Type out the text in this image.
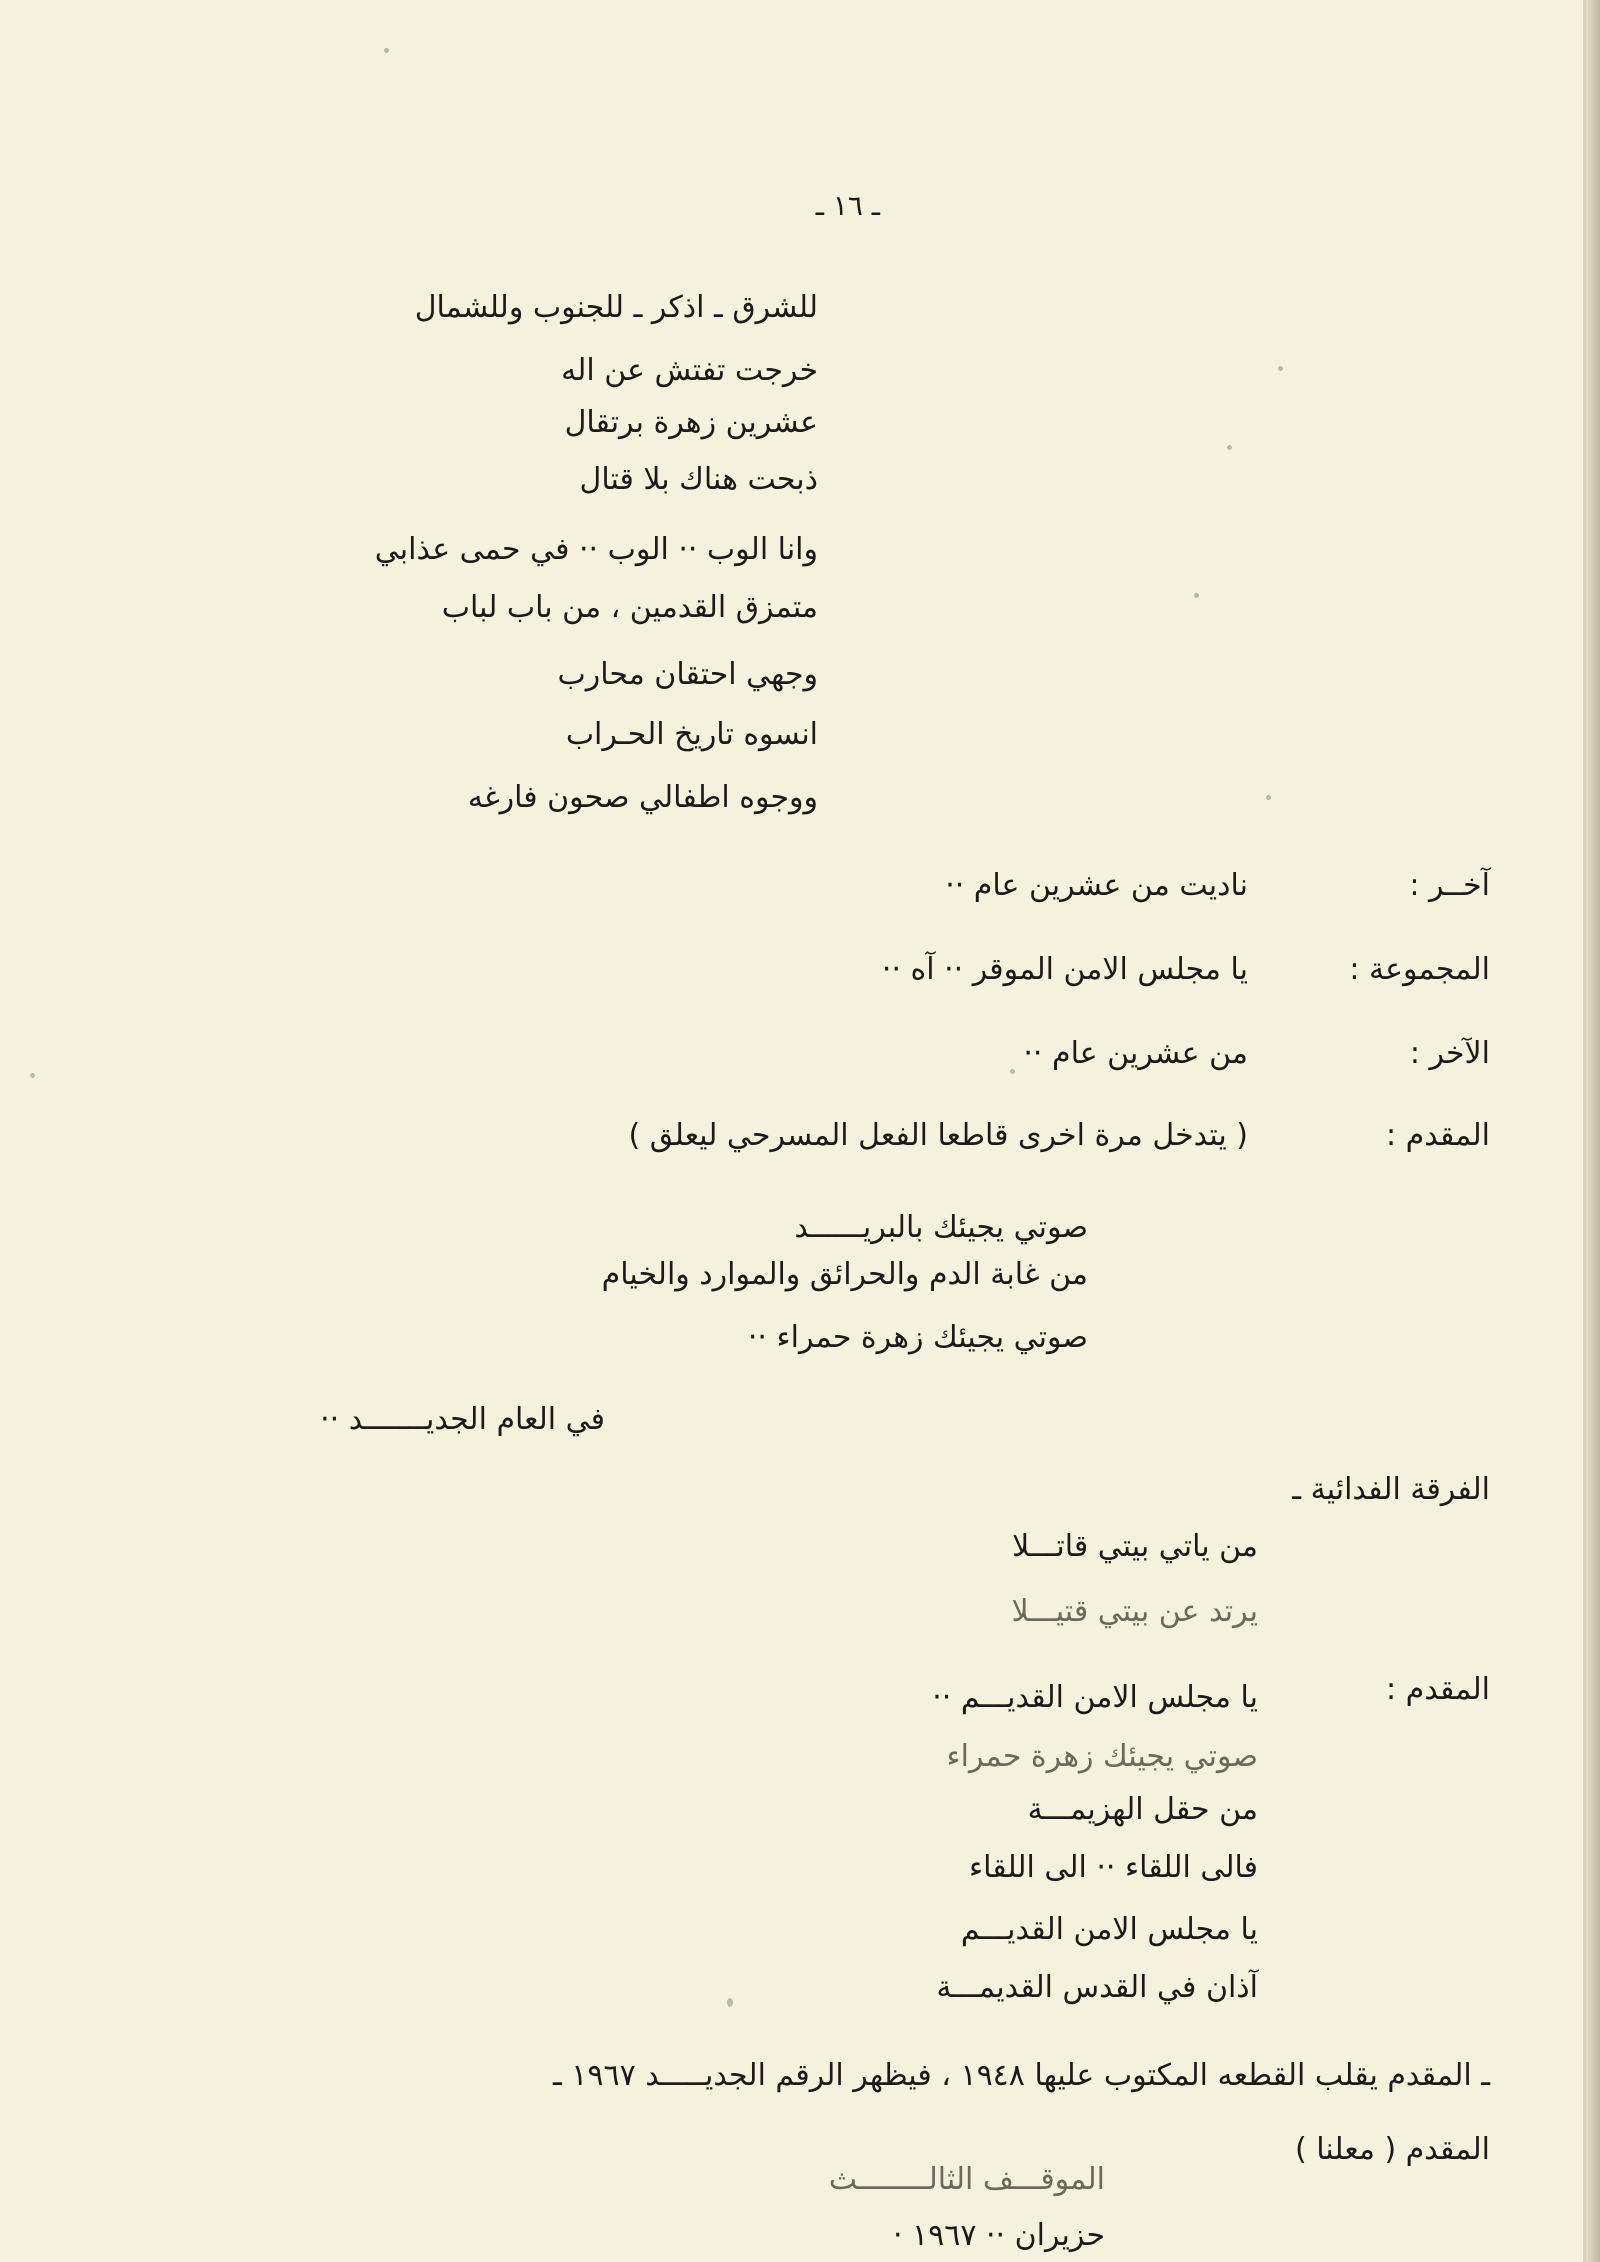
ـ ١٦ ـ
للشرق ـ اذكر ـ للجنوب وللشمال
خرجت تفتش عن اله
عشرين زهرة برتقال
ذبحت هناك بلا قتال
وانا الوب ·· الوب ·· في حمى عذابي
متمزق القدمين ، من باب لباب
وجهي احتقان محارب
انسوه تاريخ الحـراب
ووجوه اطفالي صحون فارغه
آخــر :
ناديت من عشرين عام ··
المجموعة :
يا مجلس الامن الموقر ·· آه ··
الآخر :
من عشرين عام ··
المقدم :
( يتدخل مرة اخرى قاطعا الفعل المسرحي ليعلق )
صوتي يجيئك بالبريــــــد
من غابة الدم والحرائق والموارد والخيام
صوتي يجيئك زهرة حمراء ··
في العام الجديـــــــد ··
الفرقة الفدائية ـ
من ياتي بيتي قاتـــلا
يرتد عن بيتي قتيـــلا
المقدم :
يا مجلس الامن القديـــم ··
صوتي يجيئك زهرة حمراء
من حقل الهزيمـــة
فالى اللقاء ·· الى اللقاء
يا مجلس الامن القديـــم
آذان في القدس القديمـــة
ـ المقدم يقلب القطعه المكتوب عليها ١٩٤٨ ، فيظهر الرقم الجديـــــد ١٩٦٧ ـ
المقدم ( معلنا )
الموقـــف الثالــــــــث
حزيران ·· ١٩٦٧ ·
